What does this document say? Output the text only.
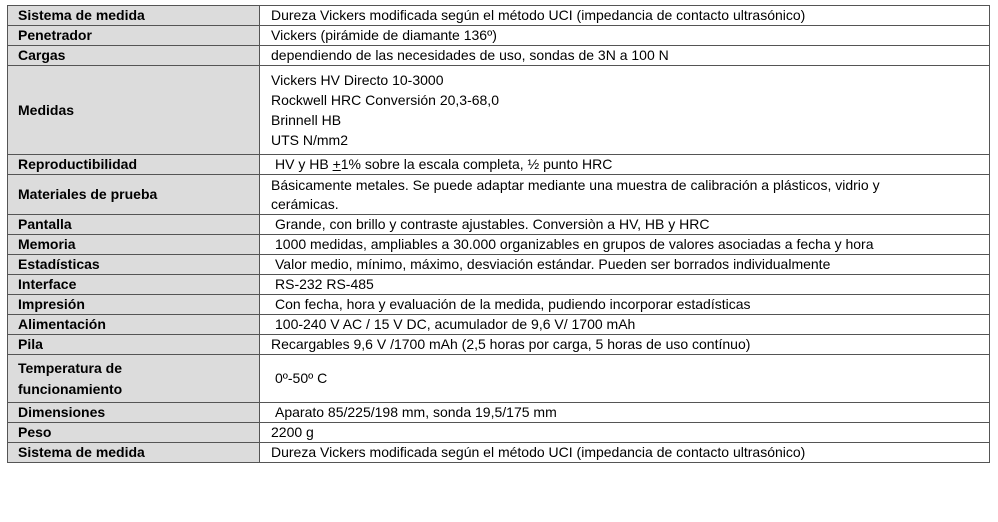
Sistema de medida	Dureza Vickers modificada según el método UCI (impedancia de contacto ultrasónico)
Penetrador	Vickers (pirámide de diamante 136º)
Cargas	dependiendo de las necesidades de uso, sondas de 3N a 100 N
Medidas	Vickers HV Directo 10-3000
Rockwell HRC Conversión 20,3-68,0
Brinnell HB
UTS N/mm2
Reproductibilidad	HV y HB +1% sobre la escala completa, ½ punto HRC
Materiales de prueba	Básicamente metales. Se puede adaptar mediante una muestra de calibración a plásticos, vidrio y
cerámicas.
Pantalla	Grande, con brillo y contraste ajustables. Conversiòn a HV, HB y HRC
Memoria	1000 medidas, ampliables a 30.000 organizables en grupos de valores asociadas a fecha y hora
Estadísticas	Valor medio, mínimo, máximo, desviación estándar. Pueden ser borrados individualmente
Interface	RS-232 RS-485
Impresión	Con fecha, hora y evaluación de la medida, pudiendo incorporar estadísticas
Alimentación	100-240 V AC / 15 V DC, acumulador de 9,6 V/ 1700 mAh
Pila	Recargables 9,6 V /1700 mAh (2,5 horas por carga, 5 horas de uso contínuo)
Temperatura de
funcionamiento	0º-50º C
Dimensiones	Aparato 85/225/198 mm, sonda 19,5/175 mm
Peso	2200 g
Sistema de medida	Dureza Vickers modificada según el método UCI (impedancia de contacto ultrasónico)
